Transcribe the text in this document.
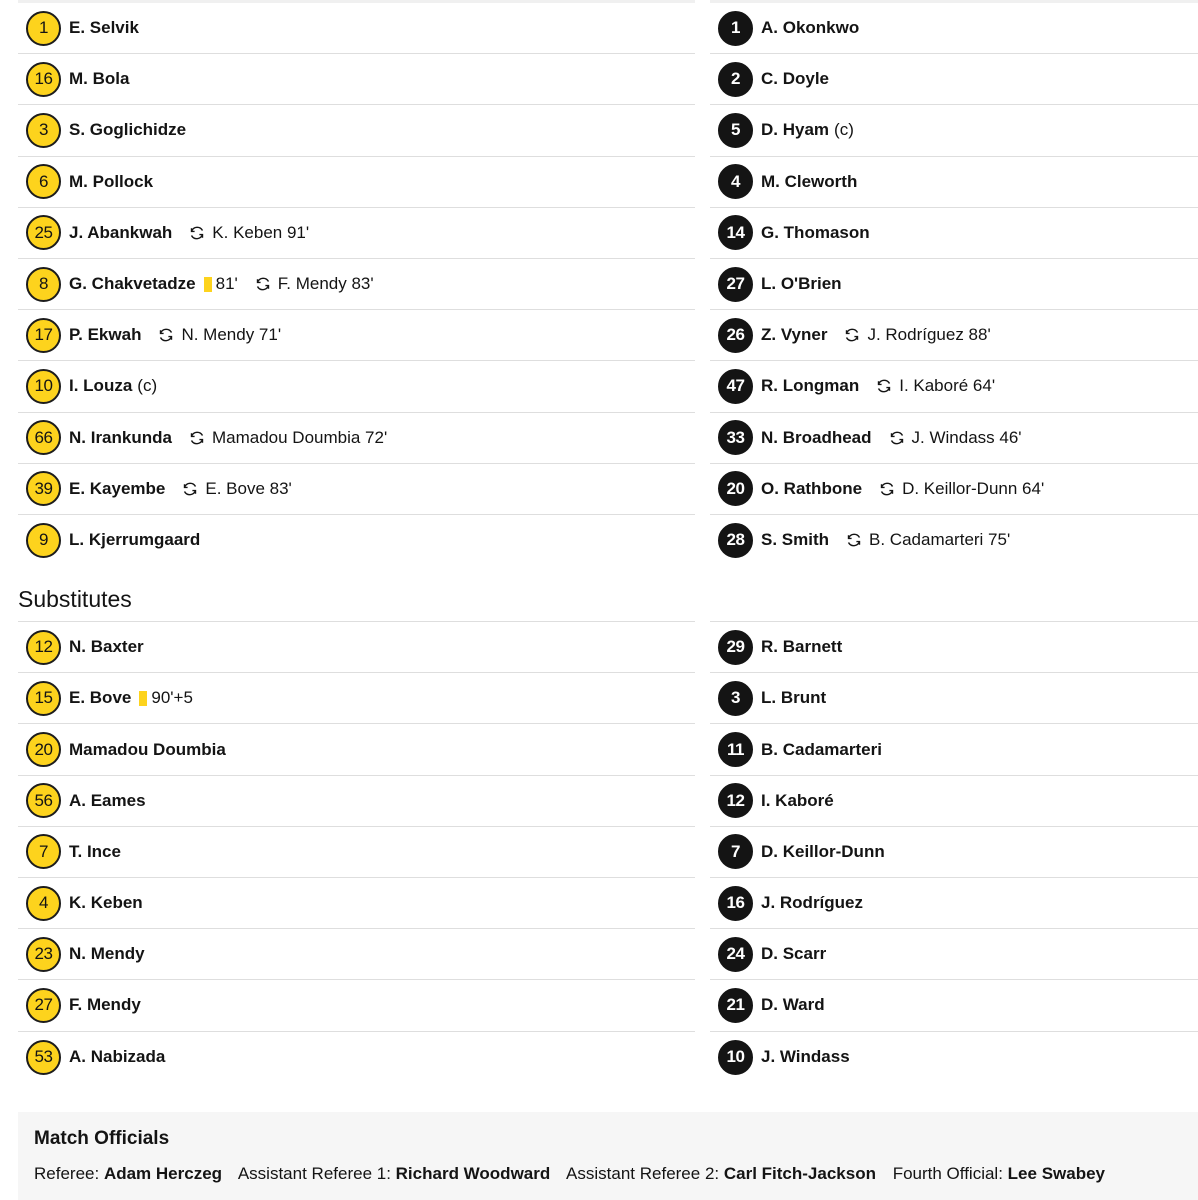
1	E. Selvik
16 M. Bola
3	S. Goglichidze
6	M. Pollock
25 J. Abankwah K. Keben 91'
8	G. Chakvetadze 81' F. Mendy 83'
17 P. Ekwah N. Mendy 71'
10 I. Louza (c)
66 N. Irankunda Mamadou Doumbia 72'
39 E. Kayembe E. Bove 83'
9	L. Kjerrumgaard
Substitutes
12 N. Baxter
15 E. Bove 90'+5
20 Mamadou Doumbia
56 A. Eames
7	T. Ince
4	K. Keben
23 N. Mendy
27 F. Mendy
53 A. Nabizada
1	A. Okonkwo
2	C. Doyle
5	D. Hyam (c)
4	M. Cleworth
14 G. Thomason
27 L. O'Brien
26 Z. Vyner J. Rodríguez 88'
47 R. Longman I. Kaboré 64'
33 N. Broadhead J. Windass 46'
20 O. Rathbone D. Keillor-Dunn 64'
28 S. Smith B. Cadamarteri 75'
29 R. Barnett
3	L. Brunt
11	B. Cadamarteri
12 I. Kaboré
7	D. Keillor-Dunn
16 J. Rodríguez
24 D. Scarr
21 D. Ward
10 J. Windass
Match Officials
Referee: Adam Herczeg Assistant Referee 1: Richard Woodward Assistant Referee 2: Carl Fitch-Jackson Fourth Official: Lee Swabey
